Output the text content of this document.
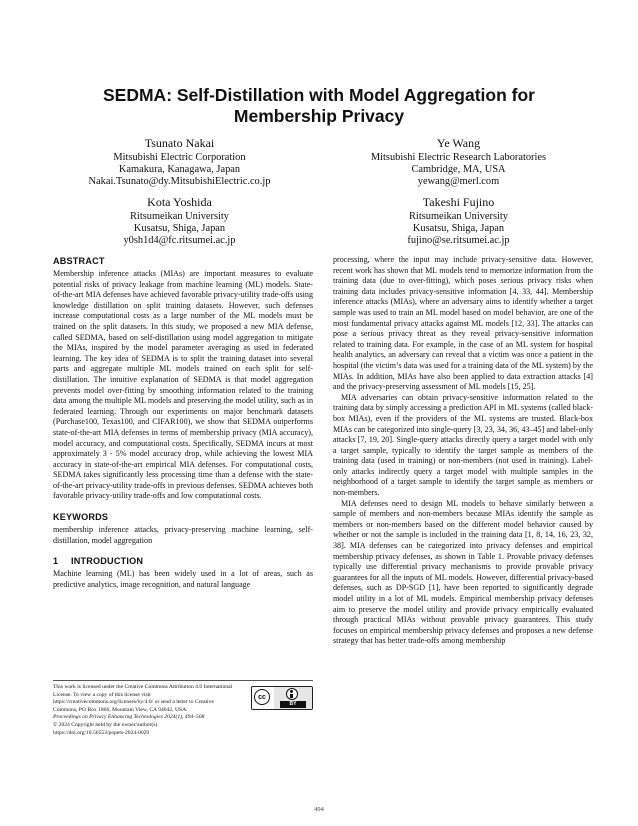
SEDMA: Self-Distillation with Model Aggregation for
Membership Privacy
Tsunato Nakai
Mitsubishi Electric Corporation
Kamakura, Kanagawa, Japan
Nakai.Tsunato@dy.MitsubishiElectric.co.jp
Ye Wang
Mitsubishi Electric Research Laboratories
Cambridge, MA, USA
yewang@merl.com
Kota Yoshida
Ritsumeikan University
Kusatsu, Shiga, Japan
y0sh1d4@fc.ritsumei.ac.jp
Takeshi Fujino
Ritsumeikan University
Kusatsu, Shiga, Japan
fujino@se.ritsumei.ac.jp
ABSTRACT

Membership inference attacks (MIAs) are important measures to evaluate potential risks of privacy leakage from machine learning (ML) models. State-of-the-art MIA defenses have achieved favorable privacy-utility trade-offs using knowledge distillation on split training datasets. However, such defenses increase computational costs as a large number of the ML models must be trained on the split datasets. In this study, we proposed a new MIA defense, called SEDMA, based on self-distillation using model aggregation to mitigate the MIAs, inspired by the model parameter averaging as used in federated learning. The key idea of SEDMA is to split the training dataset into several parts and aggregate multiple ML models trained on each split for self-distillation. The intuitive explanation of SEDMA is that model aggregation prevents model over-fitting by smoothing information related to the training data among the multiple ML models and preserving the model utility, such as in federated learning. Through our experiments on major benchmark datasets (Purchase100, Texas100, and CIFAR100), we show that SEDMA outperforms state-of-the-art MIA defenses in terms of membership privacy (MIA accuracy), model accuracy, and computational costs. Specifically, SEDMA incurs at most approximately 3 - 5% model accuracy drop, while achieving the lowest MIA accuracy in state-of-the-art empirical MIA defenses. For computational costs, SEDMA takes significantly less processing time than a defense with the state-of-the-art privacy-utility trade-offs in previous defenses. SEDMA achieves both favorable privacy-utility trade-offs and low computational costs.

KEYWORDS

membership inference attacks, privacy-preserving machine learning, self-distillation, model aggregation

1 INTRODUCTION

Machine learning (ML) has been widely used in a lot of areas, such as predictive analytics, image recognition, and natural language

This work is licensed under the Creative Commons Attribution 4.0 International License. To view a copy of this license visit https://creativecommons.org/licenses/by/4.0/ or send a letter to Creative Commons, PO Box 1866, Mountain View, CA 94042, USA.
Proceedings on Privacy Enhancing Technologies 2024(1), 494–508
© 2024 Copyright held by the owner/author(s).
https://doi.org/10.56553/popets-2024-0029
cc
BY

processing, where the input may include privacy-sensitive data. However, recent work has shown that ML models tend to memorize information from the training data (due to over-fitting), which poses serious privacy risks when training data includes privacy-sensitive information [4, 33, 44]. Membership inference attacks (MIAs), where an adversary aims to identify whether a target sample was used to train an ML model based on model behavior, are one of the most fundamental privacy attacks against ML models [12, 33]. The attacks can pose a serious privacy threat as they reveal privacy-sensitive information related to training data. For example, in the case of an ML system for hospital health analytics, an adversary can reveal that a victim was once a patient in the hospital (the victim’s data was used for a training data of the ML system) by the MIAs. In addition, MIAs have also been applied to data extraction attacks [4] and the privacy-preserving assessment of ML models [15, 25].

MIA adversaries can obtain privacy-sensitive information related to the training data by simply accessing a prediction API in ML systems (called black-box MIAs), even if the providers of the ML systems are trusted. Black-box MIAs can be categorized into single-query [3, 23, 34, 36, 43–45] and label-only attacks [7, 19, 20]. Single-query attacks directly query a target model with only a target sample, typically to identify the target sample as members of the training data (used in training) or non-members (not used in training). Label-only attacks indirectly query a target model with multiple samples in the neighborhood of a target sample to identify the target sample as members or non-members.

MIA defenses need to design ML models to behave similarly between a sample of members and non-members because MIAs identify the sample as members or non-members based on the different model behavior caused by whether or not the sample is included in the training data [1, 8, 14, 16, 23, 32, 38]. MIA defenses can be categorized into privacy defenses and empirical membership privacy defenses, as shown in Table 1. Provable privacy defenses typically use differential privacy mechanisms to provide provable privacy guarantees for all the inputs of ML models. However, differential privacy-based defenses, such as DP-SGD [1], have been reported to significantly degrade model utility in a lot of ML models. Empirical membership privacy defenses aim to preserve the model utility and provide privacy empirically evaluated through practical MIAs without provable privacy guarantees. This study focuses on empirical membership privacy defenses and proposes a new defense strategy that has better trade-offs among membership

494
